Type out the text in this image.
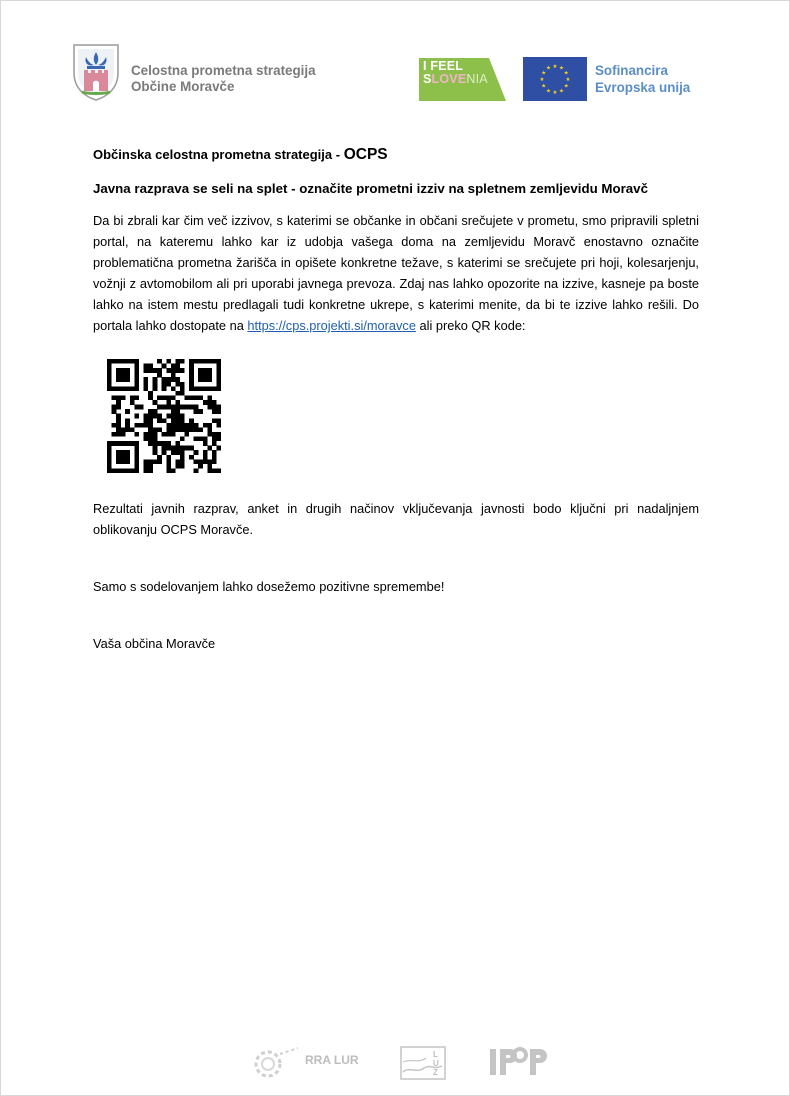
Celostna prometna strategija
Občine Moravče
I FEEL
SLOVENIA
★ ★
★
★
★
★
★
★
★
★
★
★	Sofinancira
Evropska unija
Občinska celostna prometna strategija - OCPS
Javna razprava se seli na splet - označite prometni izziv na spletnem zemljevidu Moravč
Da bi zbrali kar čim več izzivov, s katerimi se občanke in občani srečujete v prometu, smo pripravili spletni portal, na kateremu lahko kar iz udobja vašega doma na zemljevidu Moravč enostavno označite problematična prometna žarišča in opišete konkretne težave, s katerimi se srečujete pri hoji, kolesarjenju, vožnji z avtomobilom ali pri uporabi javnega prevoza. Zdaj nas lahko opozorite na izzive, kasneje pa boste lahko na istem mestu predlagali tudi konkretne ukrepe, s katerimi menite, da bi te izzive lahko rešili. Do portala lahko dostopate na https://cps.projekti.si/moravce ali preko QR kode:
Rezultati javnih razprav, anket in drugih načinov vključevanja javnosti bodo ključni pri nadaljnjem oblikovanju OCPS Moravče.
Samo s sodelovanjem lahko dosežemo pozitivne spremembe!
Vaša občina Moravče
RRA LUR	L
U
Z
